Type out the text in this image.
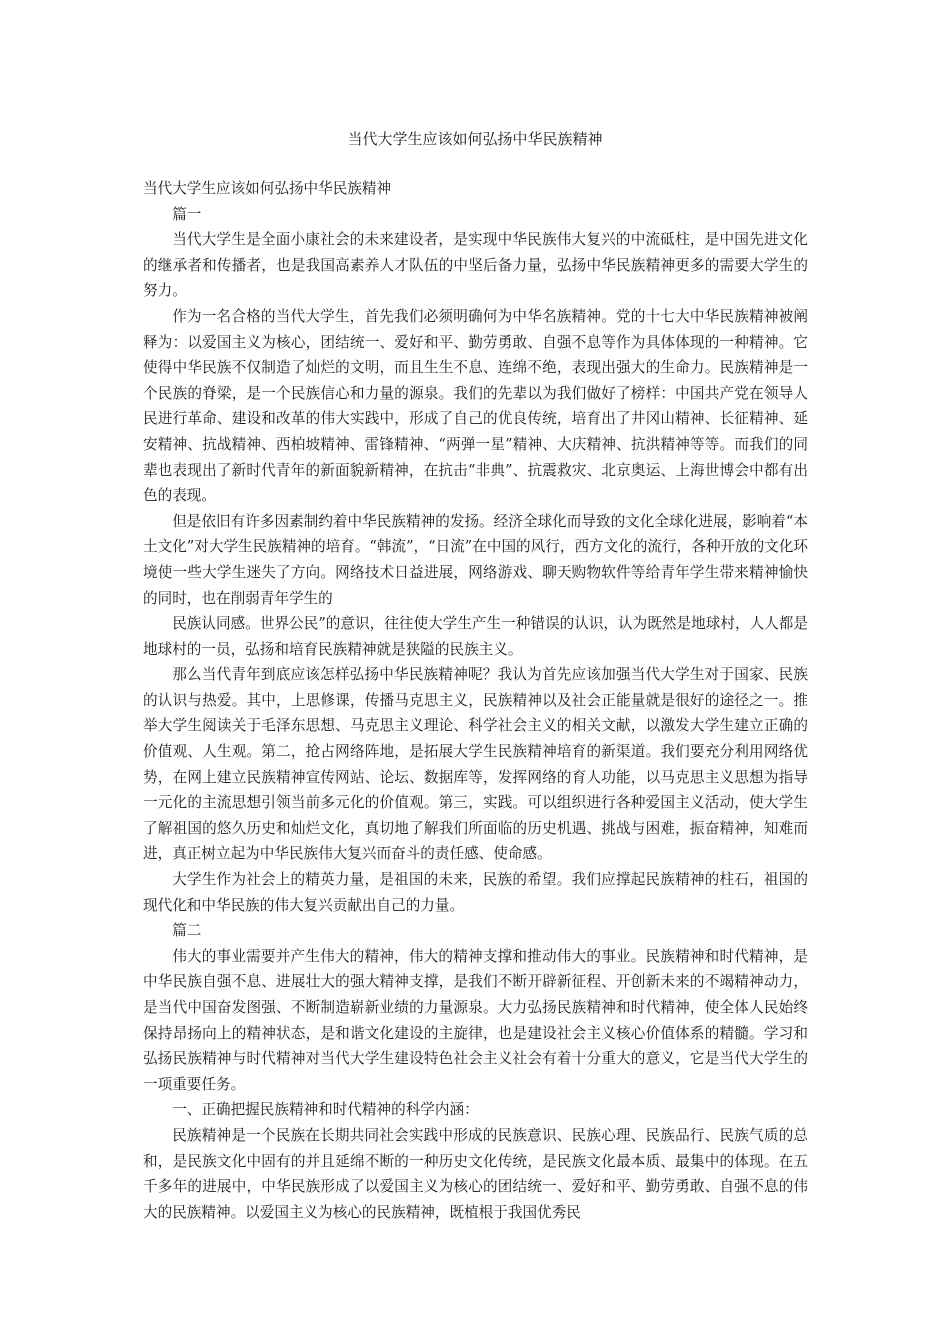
当代大学生应该如何弘扬中华民族精神

当代大学生应该如何弘扬中华民族精神

篇一

当代大学生是全面小康社会的未来建设者，是实现中华民族伟大复兴的中流砥柱，是中国先进文化的继承者和传播者，也是我国高素养人才队伍的中坚后备力量，弘扬中华民族精神更多的需要大学生的努力。

作为一名合格的当代大学生，首先我们必须明确何为中华名族精神。党的十七大中华民族精神被阐释为：以爱国主义为核心，团结统一、爱好和平、勤劳勇敢、自强不息等作为具体体现的一种精神。它使得中华民族不仅制造了灿烂的文明，而且生生不息、连绵不绝，表现出强大的生命力。民族精神是一个民族的脊梁，是一个民族信心和力量的源泉。我们的先辈以为我们做好了榜样：中国共产党在领导人民进行革命、建设和改革的伟大实践中，形成了自己的优良传统，培育出了井冈山精神、长征精神、延安精神、抗战精神、西柏坡精神、雷锋精神、“两弹一星”精神、大庆精神、抗洪精神等等。而我们的同辈也表现出了新时代青年的新面貌新精神，在抗击“非典”、抗震救灾、北京奥运、上海世博会中都有出色的表现。

但是依旧有许多因素制约着中华民族精神的发扬。经济全球化而导致的文化全球化进展，影响着“本土文化”对大学生民族精神的培育。“韩流”，“日流”在中国的风行，西方文化的流行，各种开放的文化环境使一些大学生迷失了方向。网络技术日益进展，网络游戏、聊天购物软件等给青年学生带来精神愉快的同时，也在削弱青年学生的

民族认同感。世界公民”的意识，往往使大学生产生一种错误的认识，认为既然是地球村，人人都是地球村的一员，弘扬和培育民族精神就是狭隘的民族主义。

那么当代青年到底应该怎样弘扬中华民族精神呢？我认为首先应该加强当代大学生对于国家、民族的认识与热爱。其中，上思修课，传播马克思主义，民族精神以及社会正能量就是很好的途径之一。推举大学生阅读关于毛泽东思想、马克思主义理论、科学社会主义的相关文献，以激发大学生建立正确的价值观、人生观。第二，抢占网络阵地，是拓展大学生民族精神培育的新渠道。我们要充分利用网络优势，在网上建立民族精神宣传网站、论坛、数据库等，发挥网络的育人功能，以马克思主义思想为指导一元化的主流思想引领当前多元化的价值观。第三，实践。可以组织进行各种爱国主义活动，使大学生了解祖国的悠久历史和灿烂文化，真切地了解我们所面临的历史机遇、挑战与困难，振奋精神，知难而进，真正树立起为中华民族伟大复兴而奋斗的责任感、使命感。

大学生作为社会上的精英力量，是祖国的未来，民族的希望。我们应撑起民族精神的柱石，祖国的现代化和中华民族的伟大复兴贡献出自己的力量。

篇二

伟大的事业需要并产生伟大的精神，伟大的精神支撑和推动伟大的事业。民族精神和时代精神，是中华民族自强不息、进展壮大的强大精神支撑，是我们不断开辟新征程、开创新未来的不竭精神动力，是当代中国奋发图强、不断制造崭新业绩的力量源泉。大力弘扬民族精神和时代精神，使全体人民始终保持昂扬向上的精神状态，是和谐文化建设的主旋律，也是建设社会主义核心价值体系的精髓。学习和弘扬民族精神与时代精神对当代大学生建设特色社会主义社会有着十分重大的意义，它是当代大学生的一项重要任务。

一、正确把握民族精神和时代精神的科学内涵：

民族精神是一个民族在长期共同社会实践中形成的民族意识、民族心理、民族品行、民族气质的总和，是民族文化中固有的并且延绵不断的一种历史文化传统，是民族文化最本质、最集中的体现。在五千多年的进展中，中华民族形成了以爱国主义为核心的团结统一、爱好和平、勤劳勇敢、自强不息的伟大的民族精神。以爱国主义为核心的民族精神，既植根于我国优秀民
